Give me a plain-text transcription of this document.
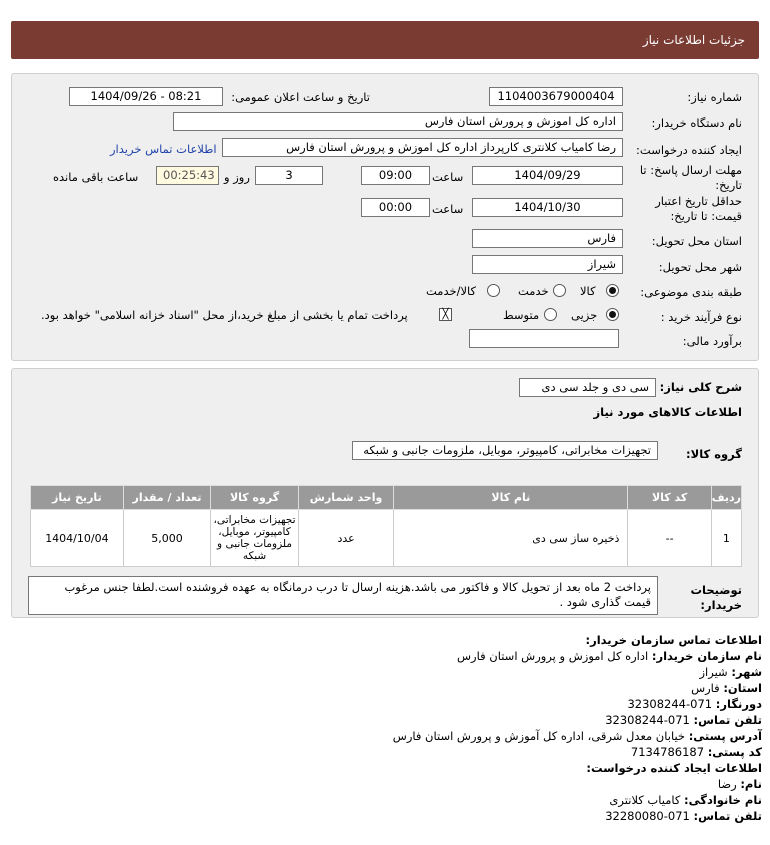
جزئیات اطلاعات نیاز
شماره نیاز:
1104003679000404
تاریخ و ساعت اعلان عمومی:
1404/09/26 - 08:21
نام دستگاه خریدار:
اداره کل اموزش و پرورش استان فارس
ایجاد کننده درخواست:
رضا کامیاب کلانتری کارپرداز اداره کل اموزش و پرورش استان فارس
اطلاعات تماس خریدار
مهلت ارسال پاسخ: تا
تاریخ:
1404/09/29
ساعت
09:00
3
روز و
00:25:43
ساعت باقی مانده
حداقل تاریخ اعتبار
قیمت: تا تاریخ:
1404/10/30
ساعت
00:00
استان محل تحویل:
فارس
شهر محل تحویل:
شیراز
طبقه بندی موضوعی:
کالا
خدمت
کالا/خدمت
نوع فرآیند خرید :
جزیی
متوسط
╳
پرداخت تمام یا بخشی از مبلغ خرید،از محل "اسناد خزانه اسلامی" خواهد بود.
برآورد مالی:
شرح کلی نیاز:
سی دی و جلد سی دی
اطلاعات کالاهای مورد نیاز
گروه کالا:
تجهیزات مخابراتی، کامپیوتر، موبایل، ملزومات جانبی و شبکه
ردیف	کد کالا	نام کالا	واحد شمارش	گروه کالا	تعداد / مقدار	تاریخ نیاز
1	--	ذخیره ساز سی دی	عدد	تجهیزات مخابراتی، کامپیوتر، موبایل، ملزومات جانبی و شبکه	5,000	1404/10/04
توضیحات
خریدار:
پرداخت 2 ماه بعد از تحویل کالا و فاکتور می باشد.هزینه ارسال تا درب درمانگاه به عهده فروشنده است.لطفا جنس مرغوب قیمت گذاری شود .
اطلاعات تماس سازمان خریدار:
نام سازمان خریدار: اداره کل اموزش و پرورش استان فارس
شهر: شیراز
استان: فارس
دورنگار: 071-32308244
تلفن تماس: 071-32308244
آدرس پستی: خیابان معدل شرقی، اداره کل آموزش و پرورش استان فارس
کد پستی: 7134786187
اطلاعات ایجاد کننده درخواست:
نام: رضا
نام خانوادگی: کامیاب کلانتری
تلفن تماس: 071-32280080
